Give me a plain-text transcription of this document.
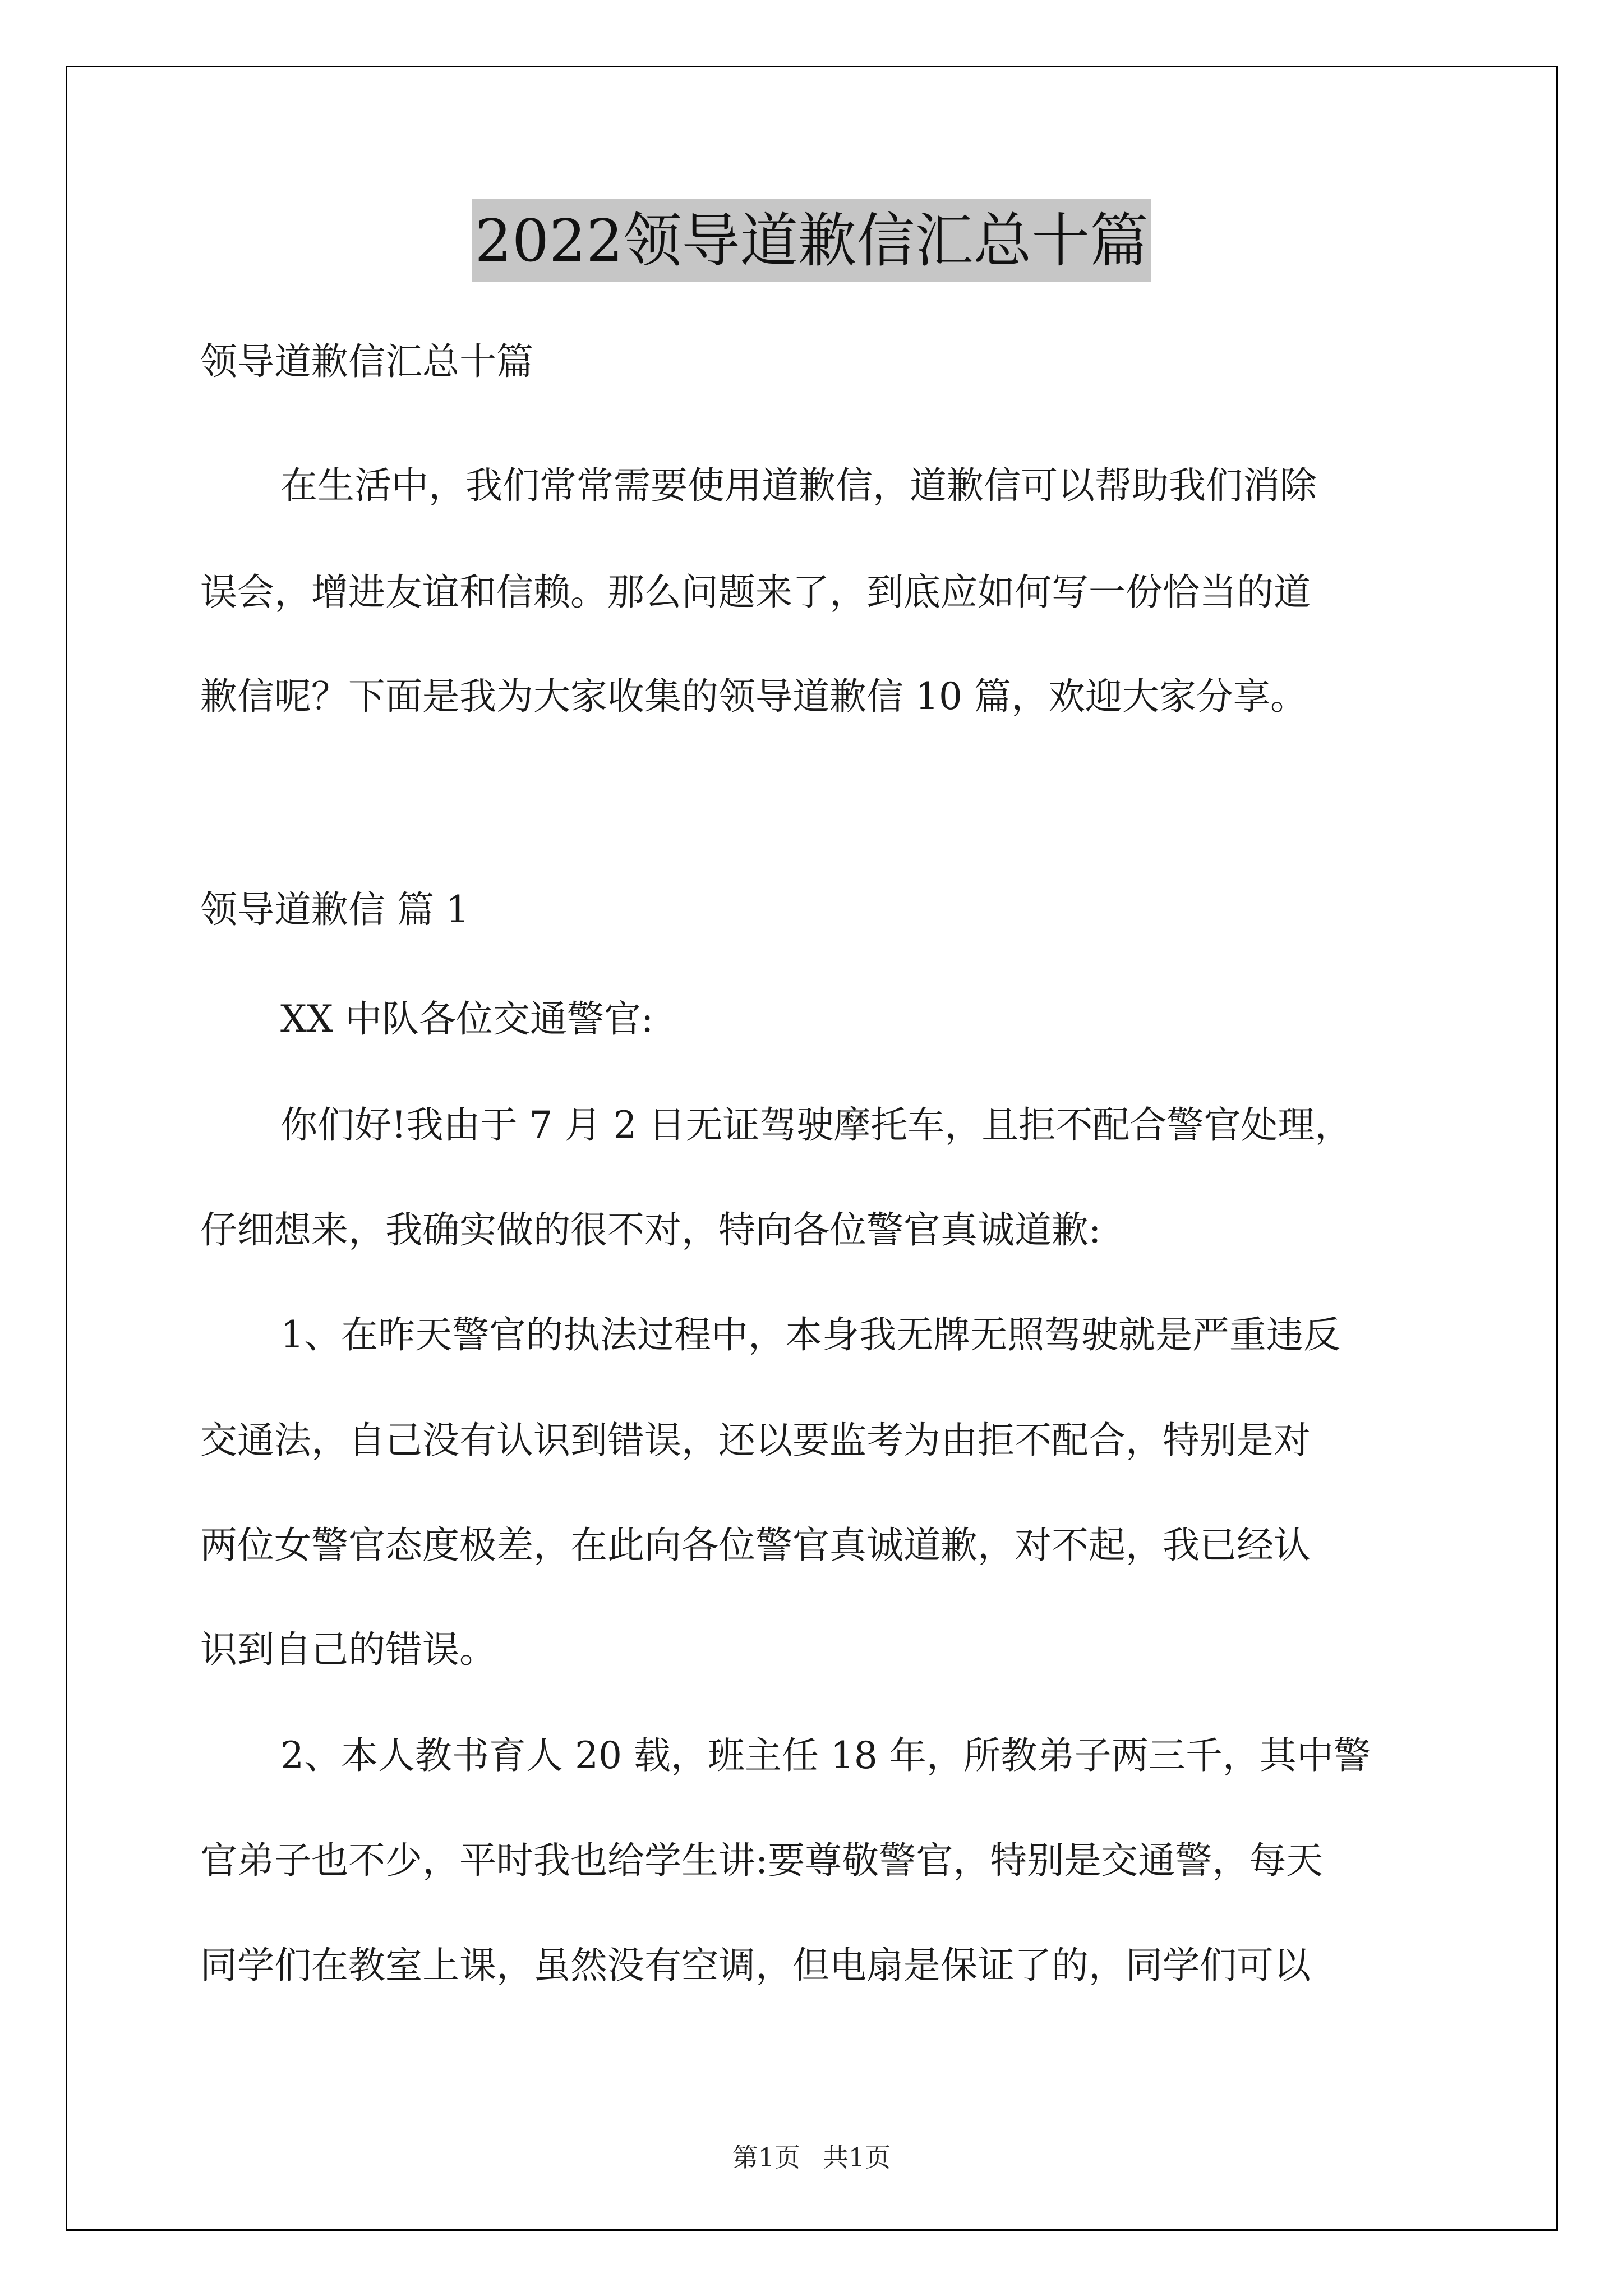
2022领导道歉信汇总十篇

领导道歉信汇总十篇

在生活中，我们常常需要使用道歉信，道歉信可以帮助我们消除

误会，增进友谊和信赖。那么问题来了，到底应如何写一份恰当的道

歉信呢？下面是我为大家收集的领导道歉信 10 篇，欢迎大家分享。

领导道歉信 篇 1

XX 中队各位交通警官:

你们好!我由于 7 月 2 日无证驾驶摩托车，且拒不配合警官处理，

仔细想来，我确实做的很不对，特向各位警官真诚道歉:

1、在昨天警官的执法过程中，本身我无牌无照驾驶就是严重违反

交通法，自己没有认识到错误，还以要监考为由拒不配合，特别是对

两位女警官态度极差，在此向各位警官真诚道歉，对不起，我已经认

识到自己的错误。

2、本人教书育人 20 载，班主任 18 年，所教弟子两三千，其中警

官弟子也不少，平时我也给学生讲:要尊敬警官，特别是交通警，每天

同学们在教室上课，虽然没有空调，但电扇是保证了的，同学们可以

第1页 共1页
